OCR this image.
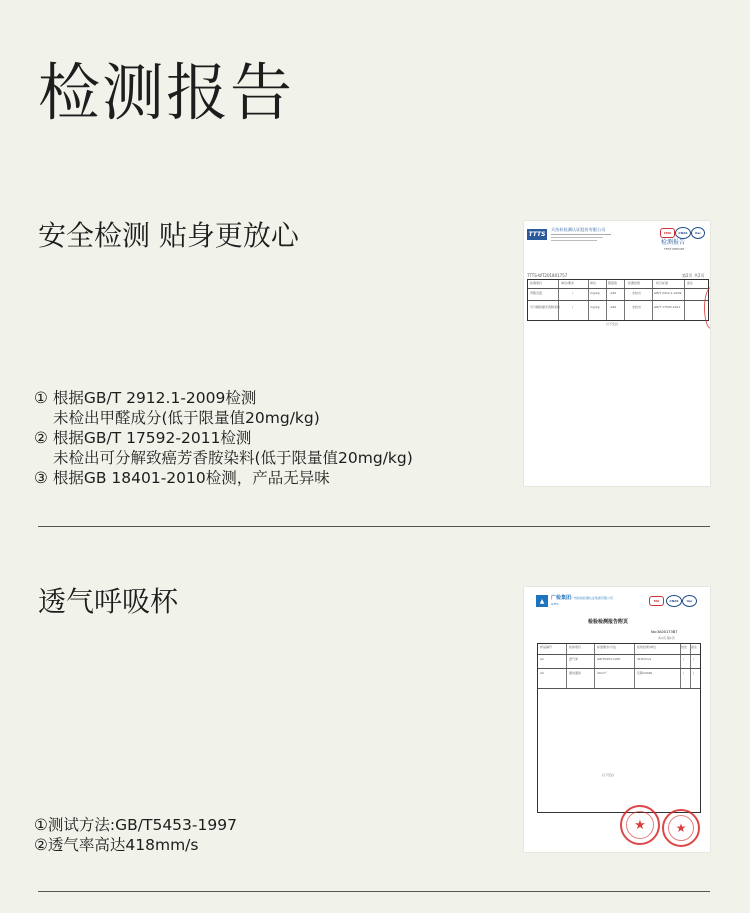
检测报告
安全检测 贴身更放心
① 根据GB/T 2912.1-2009检测
未检出甲醛成分(低于限量值20mg/kg)
② 根据GB/T 17592-2011检测
未检出可分解致癌芳香胺染料(低于限量值20mg/kg)
③ 根据GB 18401-2010检测，产品无异味
TTTS
天纺标检测认证股份有限公司
CMA CNAS ilac
检测报告
TEST REPORT
TTTS-WT201801757	第2页 共2页
检测项目	单位/要求	单位	限量值	检测结果	执行标准	备注
甲醛含量	/	mg/kg	≤20	未检出	GB/T 2912.1-2009
可分解致癌芳香胺染料	/	mg/kg	≤20	未检出	GB/T 17592-2011
以下空白
透气呼吸杯
①测试方法:GB/T5453-1997
②透气率高达418mm/s
▲	广检集团
GTTC
广州检验检测认证集团有限公司
MA	CNAS	ilac
检验检测报告附页
No:3A00173B7
共1页 第1页
样品编号	检验项目	标准要求/方法	检验结果/单位	结论 备注
A1	透气率	GB/T5453-1997	418mm/s	/	/
A2	测试面积	20cm²	压降100Pa	/	/
以下空白
★	★
